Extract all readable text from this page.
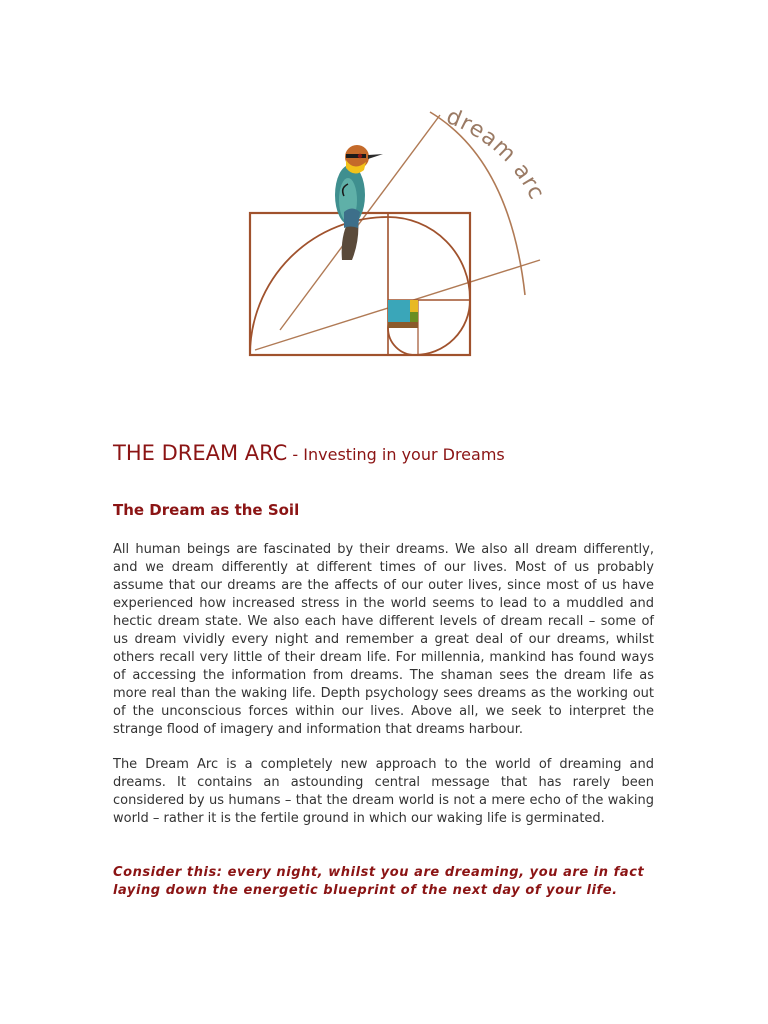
dream arc
THE DREAM ARC - Investing in your Dreams
The Dream as the Soil

All human beings are fascinated by their dreams. We also all dream differently, and we dream differently at different times of our lives. Most of us probably assume that our dreams are the affects of our outer lives, since most of us have experienced how increased stress in the world seems to lead to a muddled and hectic dream state. We also each have different levels of dream recall – some of us dream vividly every night and remember a great deal of our dreams, whilst others recall very little of their dream life. For millennia, mankind has found ways of accessing the information from dreams. The shaman sees the dream life as more real than the waking life. Depth psychology sees dreams as the working out of the unconscious forces within our lives. Above all, we seek to interpret the strange flood of imagery and information that dreams harbour.

The Dream Arc is a completely new approach to the world of dreaming and dreams. It contains an astounding central message that has rarely been considered by us humans – that the dream world is not a mere echo of the waking world – rather it is the fertile ground in which our waking life is germinated.

Consider this: every night, whilst you are dreaming, you are in fact laying down the energetic blueprint of the next day of your life.
